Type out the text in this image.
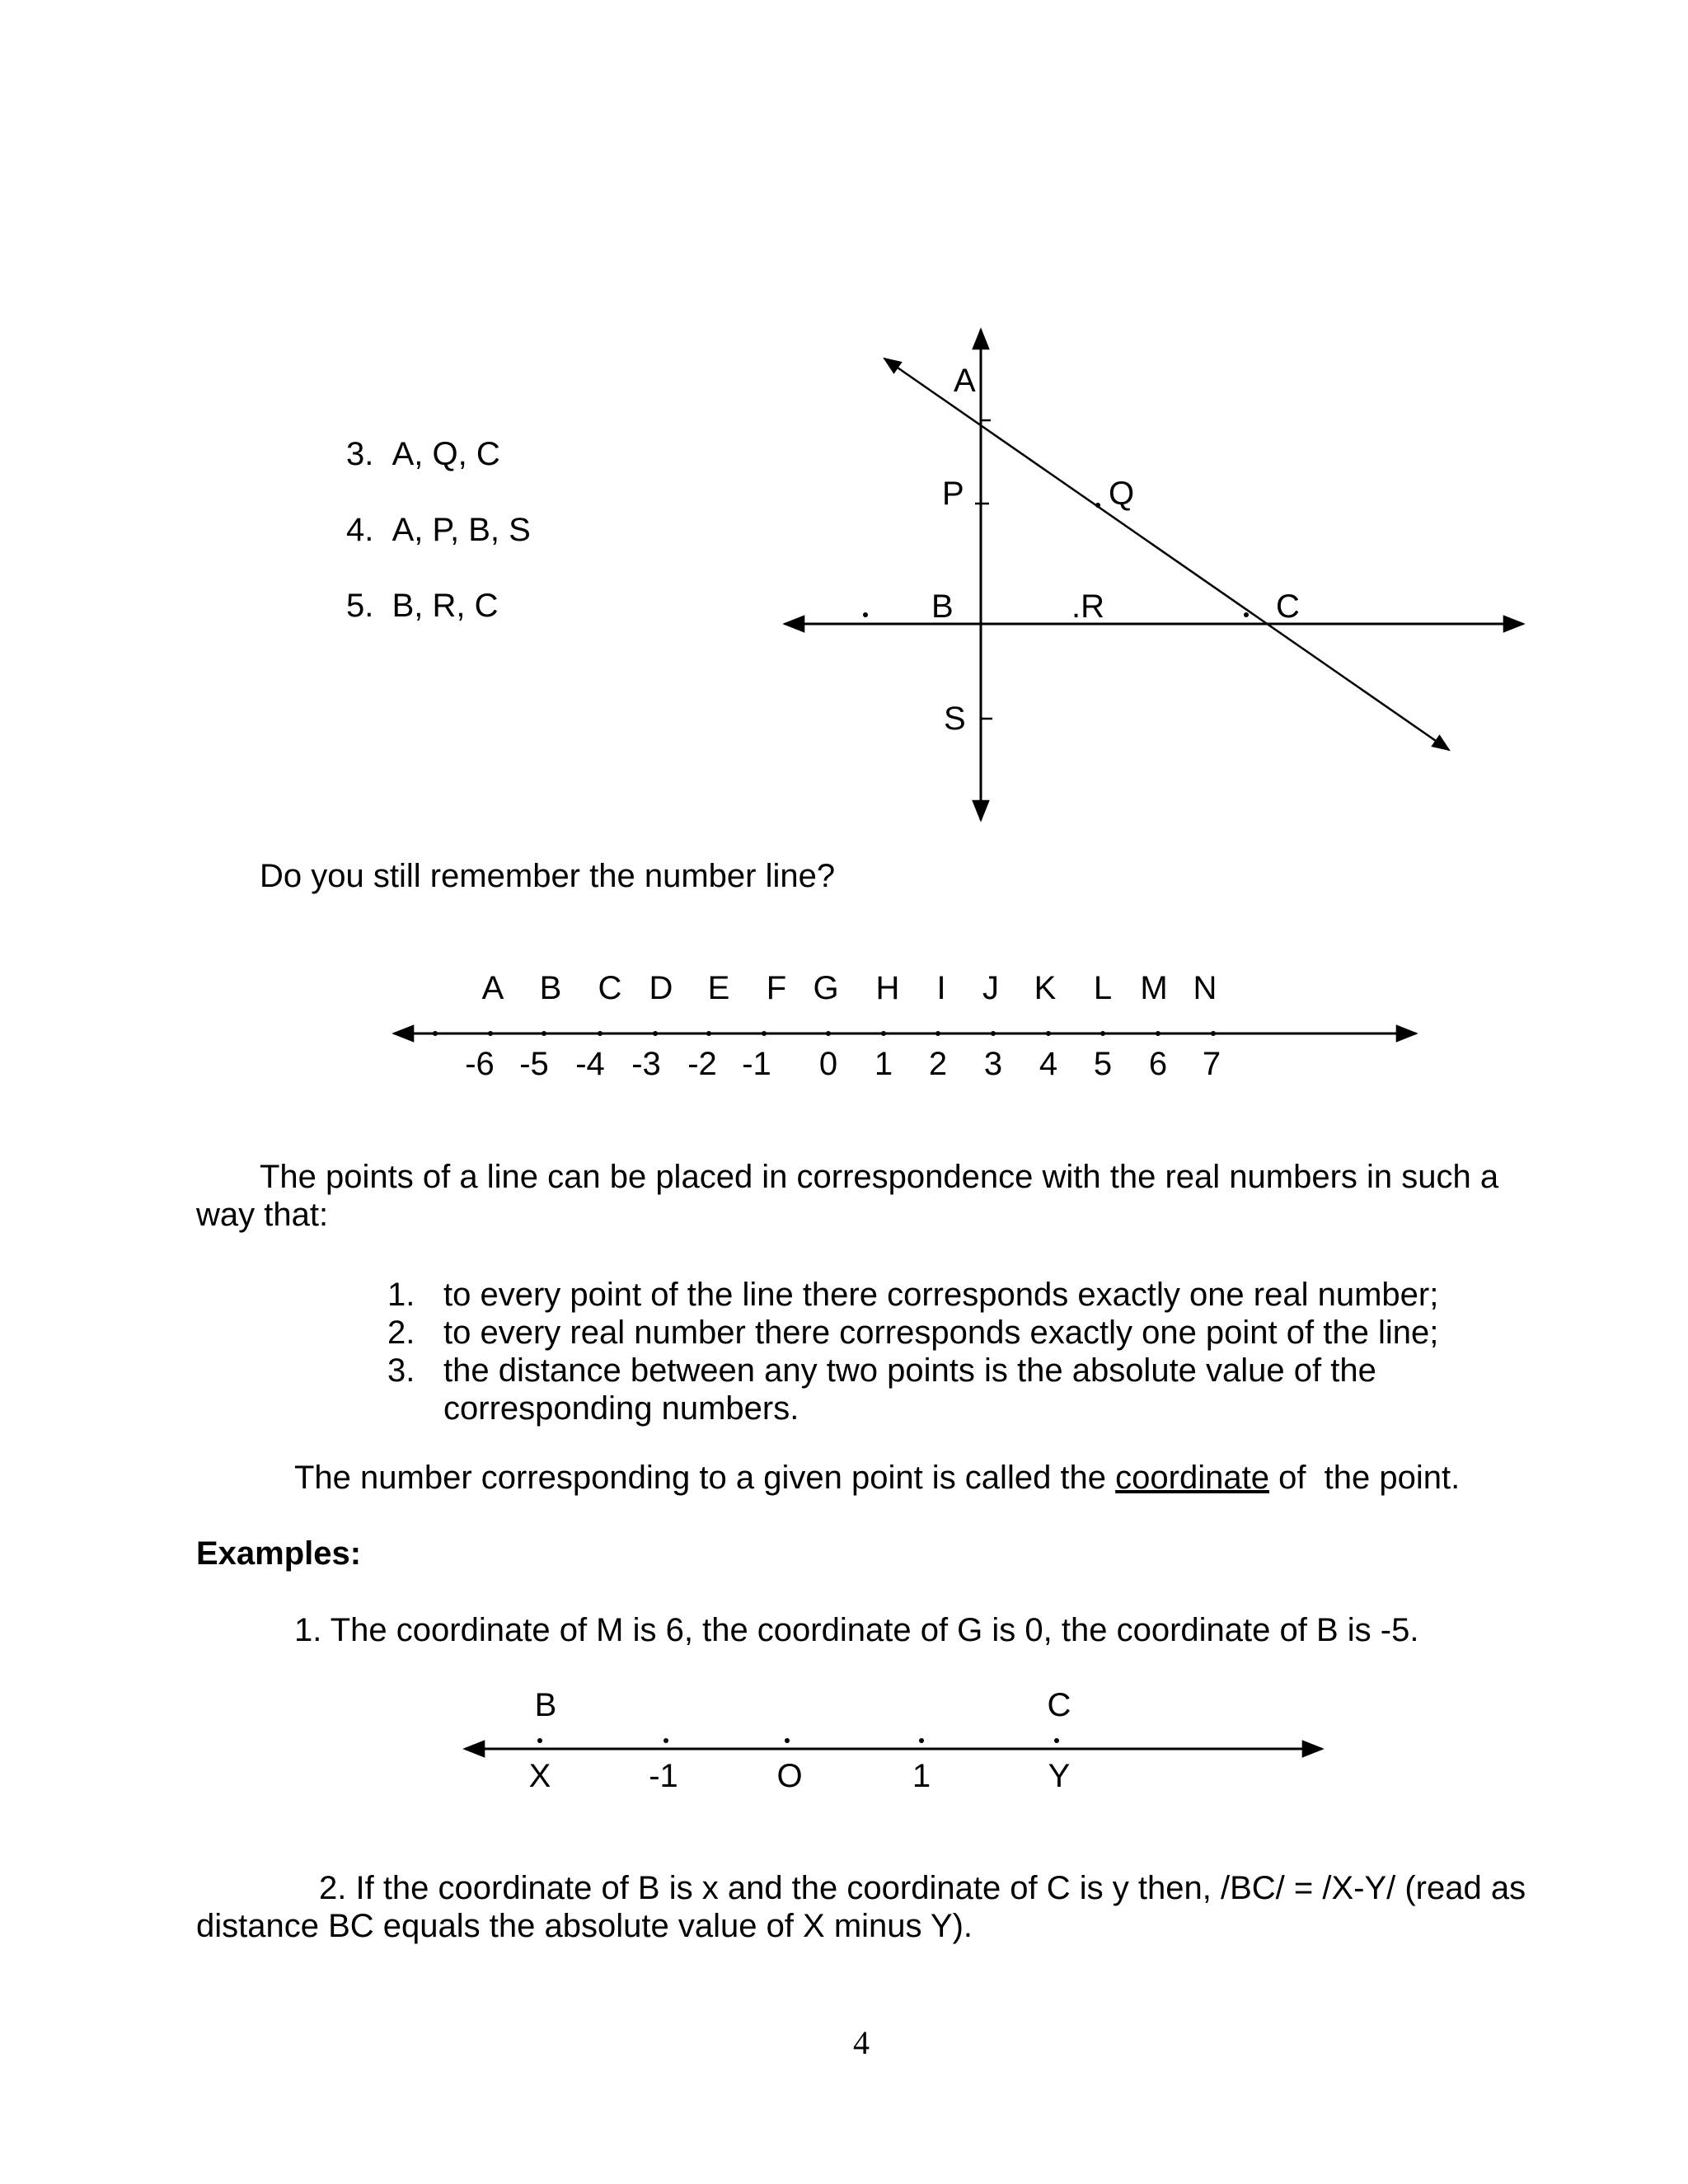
3. A, Q, C
4. A, P, B, S
5. B, R, C
A
P	Q
B	.R	C
S
A B C D E F G H I J K L M N
-6 -5 -4 -3 -2 -1 0 1 2 3 4 5 6 7
B	C
X	-1	O	1	Y
Do you still remember the number line?
The points of a line can be placed in correspondence with the real numbers in such a
way that:
1. to every point of the line there corresponds exactly one real number;
2. to every real number there corresponds exactly one point of the line;
3. the distance between any two points is the absolute value of the corresponding numbers.
The number corresponding to a given point is called the coordinate of  the point.
Examples:
1. The coordinate of M is 6, the coordinate of G is 0, the coordinate of B is -5.
2. If the coordinate of B is x and the coordinate of C is y then, /BC/ = /X-Y/ (read as
distance BC equals the absolute value of X minus Y).
4
